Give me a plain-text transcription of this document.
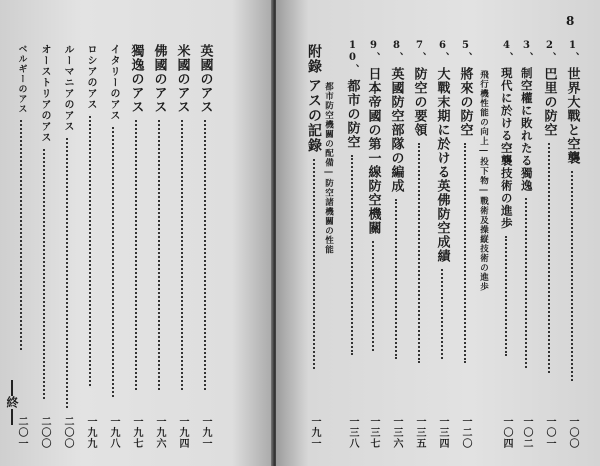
英國のアス
一九一
米國のアス
一九四
佛國のアス
一九六
獨逸のアス
一九七
イタリーのアス
一九八
ロシアのアス
一九九
ルーマニアのアス
二〇〇
オーストリアのアス
二〇〇
ベルギーのアス
二〇一
終
8
1、
世界大戰と空襲
一〇〇
2、
巴里の防空
一〇一
3、
制空權に敗れたる獨逸
一〇二
4、
現代に於ける空襲技術の進歩
一〇四
飛行機性能の向上―投下物―戰術及操縦技術の進歩
5、
將來の防空
一二〇
6、
大戰末期に於ける英佛防空成績
一三四
7、
防空の要領
一三五
8、
英國防空部隊の編成
一三六
9、
日本帝國の第一線防空機關
一三七
10、
都市の防空
一三八
都市防空機關の配備―防空諸機關の性能
附錄
アスの記錄
一九一
